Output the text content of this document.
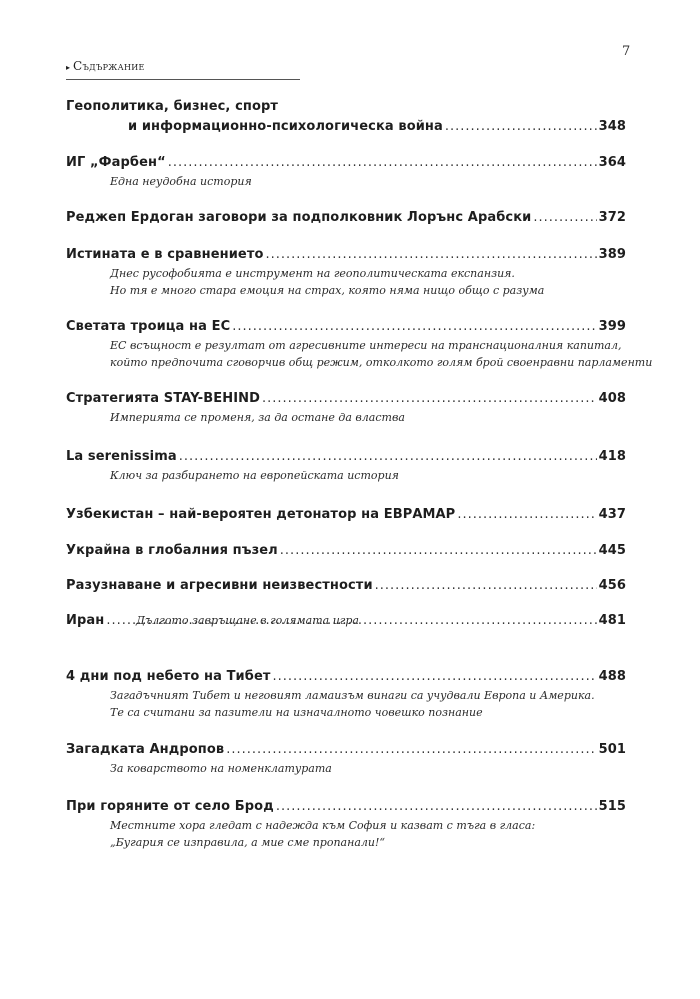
▸ Съдържание
7
Геополитика, бизнес, спорт
и информационно-психологическа война .....	348
ИГ „Фарбен“ .....	364
Една неудобна история
Реджеп Ердоган заговори за подполковник Лорънс Арабски .....	372
Истината е в сравнението .....	389
Днес русофобията е инструмент на геополитическата експанзия.
Но тя е много стара емоция на страх, която няма нищо общо с разума
Светата троица на ЕС .....	399
ЕС всъщност е резултат от агресивните интереси на транснационалния капитал,
който предпочита сговорчив общ режим, отколкото голям брой своенравни парламенти
Стратегията STAY-BEHIND .....	408
Империята се променя, за да остане да властва
La serenissima .....	418
Ключ за разбирането на европейската история
Узбекистан – най-вероятен детонатор на ЕВРАМАР .....	437
Украйна в глобалния пъзел .....	445
Разузнаване и агресивни неизвестности .....	456
Иран .....	481
Дългото завръщане в голямата игра
4 дни под небето на Тибет .....	488
Загадъчният Тибет и неговият ламаизъм винаги са учудвали Европа и Америка.
Те са считани за пазители на изначалното човешко познание
Загадката Андропов .....	501
За коварството на номенклатурата
При горяните от село Брод .....	515
Местните хора гледат с надежда към София и казват с тъга в гласа:
„Бугария се изправила, а мие сме пропанали!“
